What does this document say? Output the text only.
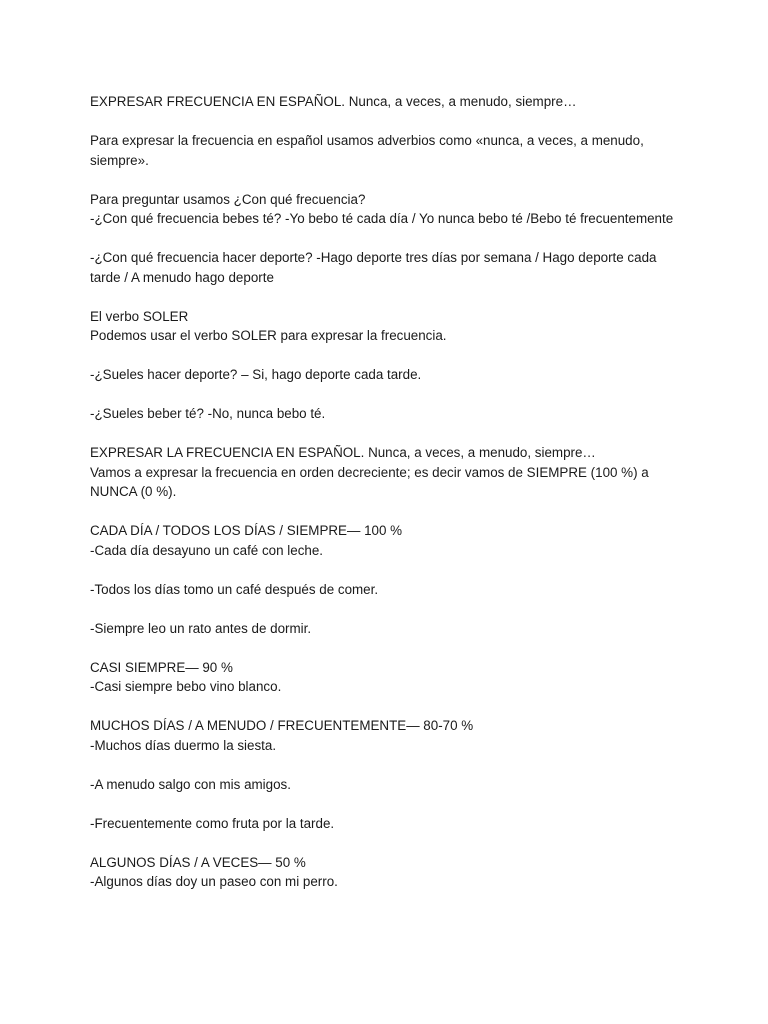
EXPRESAR FRECUENCIA EN ESPAÑOL. Nunca, a veces, a menudo, siempre…

Para expresar la frecuencia en español usamos adverbios como «nunca, a veces, a menudo, siempre».

Para preguntar usamos ¿Con qué frecuencia?
-¿Con qué frecuencia bebes té? -Yo bebo té cada día / Yo nunca bebo té /Bebo té frecuentemente

-¿Con qué frecuencia hacer deporte? -Hago deporte tres días por semana / Hago deporte cada tarde / A menudo hago deporte

El verbo SOLER
Podemos usar el verbo SOLER para expresar la frecuencia.

-¿Sueles hacer deporte? – Si, hago deporte cada tarde.

-¿Sueles beber té? -No, nunca bebo té.

EXPRESAR LA FRECUENCIA EN ESPAÑOL. Nunca, a veces, a menudo, siempre…
Vamos a expresar la frecuencia en orden decreciente; es decir vamos de SIEMPRE (100 %) a NUNCA (0 %).

CADA DÍA / TODOS LOS DÍAS / SIEMPRE— 100 %
-Cada día desayuno un café con leche.

-Todos los días tomo un café después de comer.

-Siempre leo un rato antes de dormir.

CASI SIEMPRE— 90 %
-Casi siempre bebo vino blanco.

MUCHOS DÍAS / A MENUDO / FRECUENTEMENTE— 80-70 %
-Muchos días duermo la siesta.

-A menudo salgo con mis amigos.

-Frecuentemente como fruta por la tarde.

ALGUNOS DÍAS / A VECES— 50 %
-Algunos días doy un paseo con mi perro.
